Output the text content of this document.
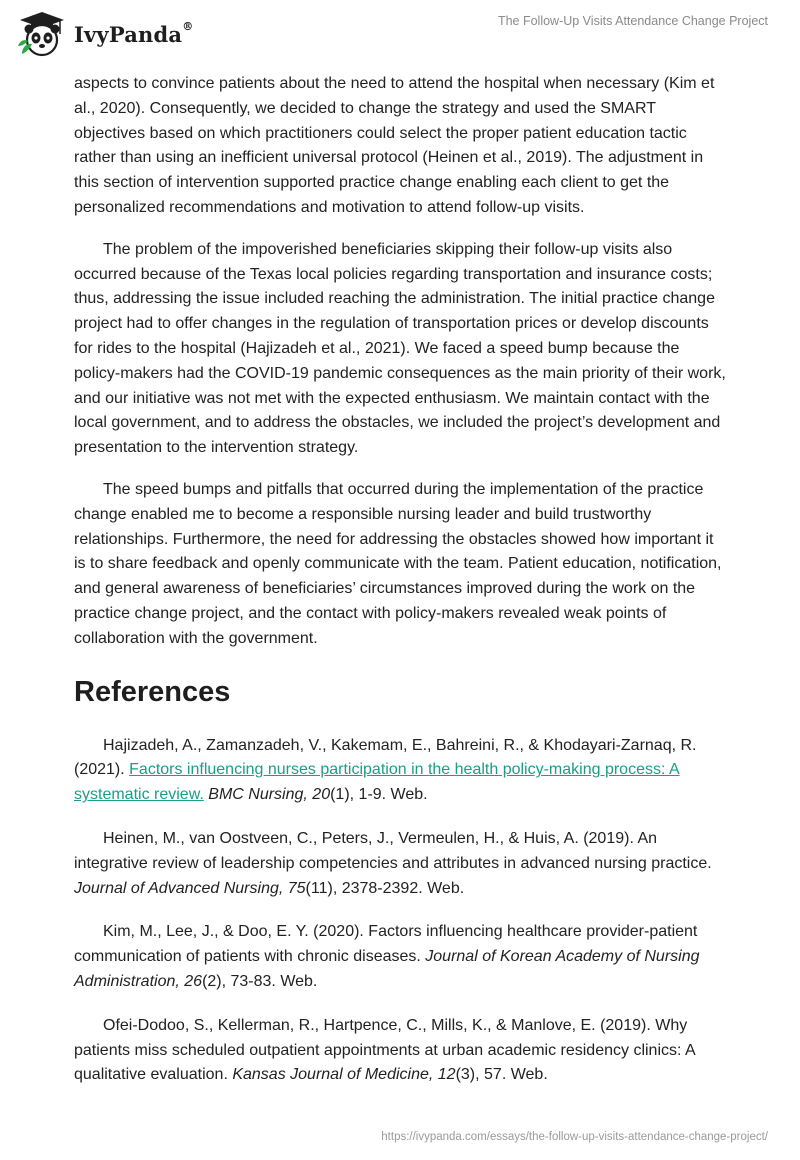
IvyPanda®	The Follow-Up Visits Attendance Change Project

aspects to convince patients about the need to attend the hospital when necessary (Kim et al., 2020). Consequently, we decided to change the strategy and used the SMART objectives based on which practitioners could select the proper patient education tactic rather than using an inefficient universal protocol (Heinen et al., 2019). The adjustment in this section of intervention supported practice change enabling each client to get the personalized recommendations and motivation to attend follow-up visits.

The problem of the impoverished beneficiaries skipping their follow-up visits also occurred because of the Texas local policies regarding transportation and insurance costs; thus, addressing the issue included reaching the administration. The initial practice change project had to offer changes in the regulation of transportation prices or develop discounts for rides to the hospital (Hajizadeh et al., 2021). We faced a speed bump because the policy-makers had the COVID-19 pandemic consequences as the main priority of their work, and our initiative was not met with the expected enthusiasm. We maintain contact with the local government, and to address the obstacles, we included the project’s development and presentation to the intervention strategy.

The speed bumps and pitfalls that occurred during the implementation of the practice change enabled me to become a responsible nursing leader and build trustworthy relationships. Furthermore, the need for addressing the obstacles showed how important it is to share feedback and openly communicate with the team. Patient education, notification, and general awareness of beneficiaries’ circumstances improved during the work on the practice change project, and the contact with policy-makers revealed weak points of collaboration with the government.

References

Hajizadeh, A., Zamanzadeh, V., Kakemam, E., Bahreini, R., & Khodayari-Zarnaq, R. (2021). Factors influencing nurses participation in the health policy-making process: A systematic review. BMC Nursing, 20(1), 1-9. Web.

Heinen, M., van Oostveen, C., Peters, J., Vermeulen, H., & Huis, A. (2019). An integrative review of leadership competencies and attributes in advanced nursing practice. Journal of Advanced Nursing, 75(11), 2378-2392. Web.

Kim, M., Lee, J., & Doo, E. Y. (2020). Factors influencing healthcare provider-patient communication of patients with chronic diseases. Journal of Korean Academy of Nursing Administration, 26(2), 73-83. Web.

Ofei-Dodoo, S., Kellerman, R., Hartpence, C., Mills, K., & Manlove, E. (2019). Why patients miss scheduled outpatient appointments at urban academic residency clinics: A qualitative evaluation. Kansas Journal of Medicine, 12(3), 57. Web.

https://ivypanda.com/essays/the-follow-up-visits-attendance-change-project/
